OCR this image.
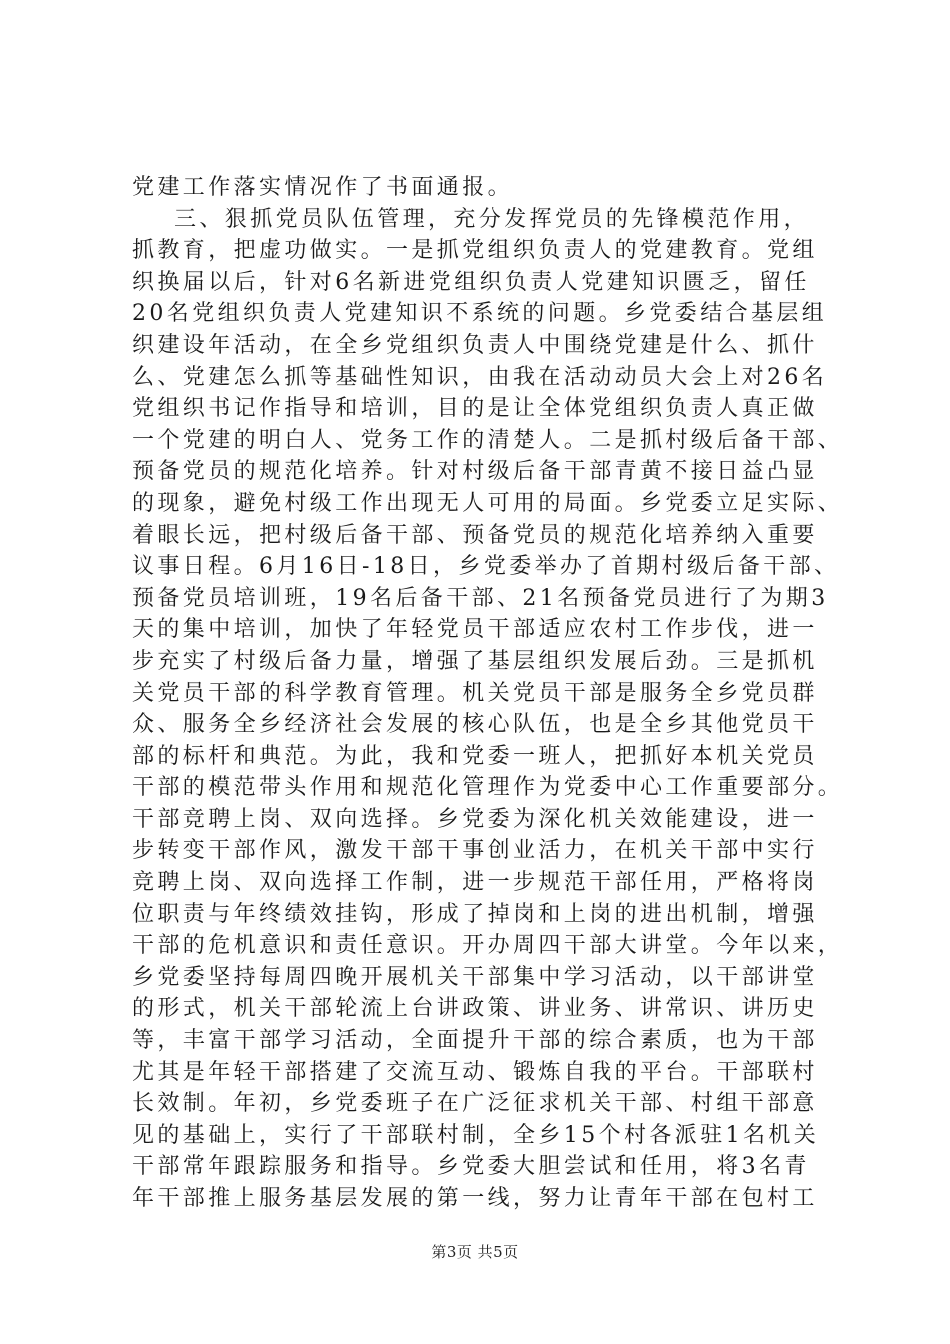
党建工作落实情况作了书面通报。
三、狠抓党员队伍管理，充分发挥党员的先锋模范作用，
抓教育，把虚功做实。一是抓党组织负责人的党建教育。党组
织换届以后，针对6名新进党组织负责人党建知识匮乏，留任
20名党组织负责人党建知识不系统的问题。乡党委结合基层组
织建设年活动，在全乡党组织负责人中围绕党建是什么、抓什
么、党建怎么抓等基础性知识，由我在活动动员大会上对26名
党组织书记作指导和培训，目的是让全体党组织负责人真正做
一个党建的明白人、党务工作的清楚人。二是抓村级后备干部、
预备党员的规范化培养。针对村级后备干部青黄不接日益凸显
的现象，避免村级工作出现无人可用的局面。乡党委立足实际、
着眼长远，把村级后备干部、预备党员的规范化培养纳入重要
议事日程。6月16日-18日，乡党委举办了首期村级后备干部、
预备党员培训班，19名后备干部、21名预备党员进行了为期3
天的集中培训，加快了年轻党员干部适应农村工作步伐，进一
步充实了村级后备力量，增强了基层组织发展后劲。三是抓机
关党员干部的科学教育管理。机关党员干部是服务全乡党员群
众、服务全乡经济社会发展的核心队伍，也是全乡其他党员干
部的标杆和典范。为此，我和党委一班人，把抓好本机关党员
干部的模范带头作用和规范化管理作为党委中心工作重要部分。
干部竞聘上岗、双向选择。乡党委为深化机关效能建设，进一
步转变干部作风，激发干部干事创业活力，在机关干部中实行
竞聘上岗、双向选择工作制，进一步规范干部任用，严格将岗
位职责与年终绩效挂钩，形成了掉岗和上岗的进出机制，增强
干部的危机意识和责任意识。开办周四干部大讲堂。今年以来，
乡党委坚持每周四晚开展机关干部集中学习活动，以干部讲堂
的形式，机关干部轮流上台讲政策、讲业务、讲常识、讲历史
等，丰富干部学习活动，全面提升干部的综合素质，也为干部
尤其是年轻干部搭建了交流互动、锻炼自我的平台。干部联村
长效制。年初，乡党委班子在广泛征求机关干部、村组干部意
见的基础上，实行了干部联村制，全乡15个村各派驻1名机关
干部常年跟踪服务和指导。乡党委大胆尝试和任用，将3名青
年干部推上服务基层发展的第一线，努力让青年干部在包村工
第3页 共5页
